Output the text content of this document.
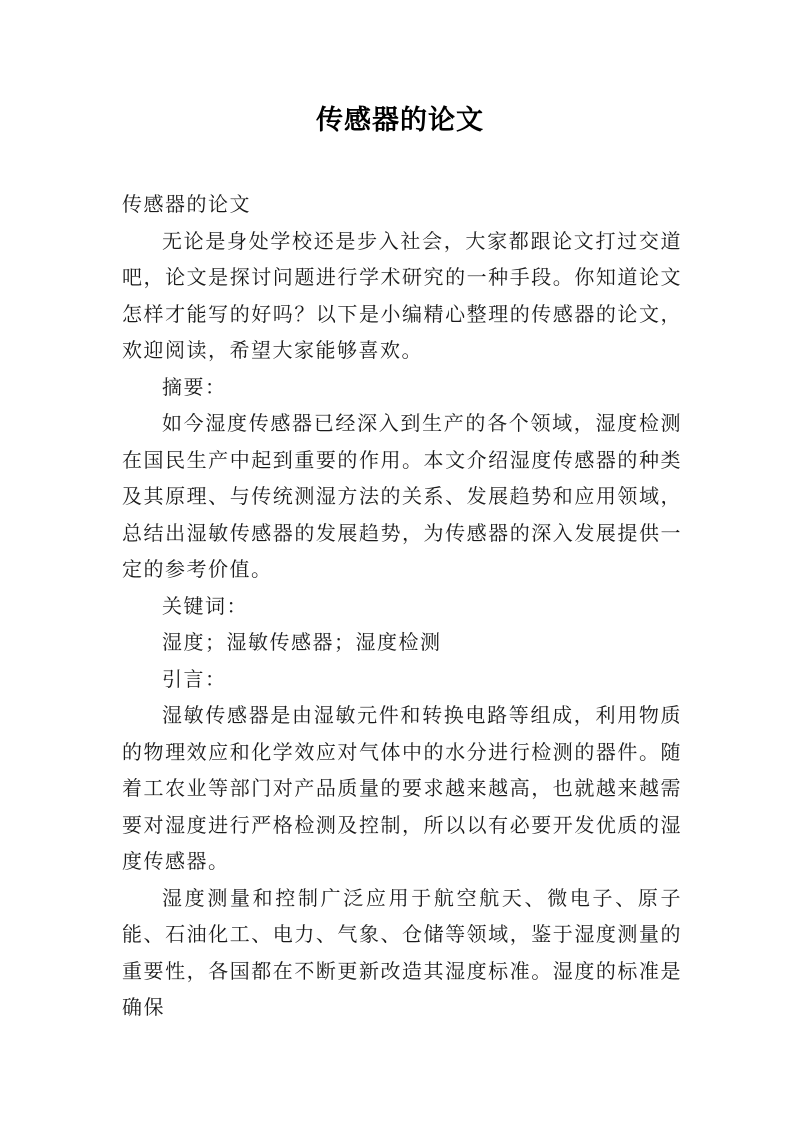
传感器的论文

传感器的论文

无论是身处学校还是步入社会，大家都跟论文打过交道吧，论文是探讨问题进行学术研究的一种手段。你知道论文怎样才能写的好吗？以下是小编精心整理的传感器的论文，欢迎阅读，希望大家能够喜欢。

摘要：

如今湿度传感器已经深入到生产的各个领域，湿度检测在国民生产中起到重要的作用。本文介绍湿度传感器的种类及其原理、与传统测湿方法的关系、发展趋势和应用领域，总结出湿敏传感器的发展趋势，为传感器的深入发展提供一定的参考价值。

关键词：

湿度；湿敏传感器；湿度检测

引言：

湿敏传感器是由湿敏元件和转换电路等组成，利用物质的物理效应和化学效应对气体中的水分进行检测的器件。随着工农业等部门对产品质量的要求越来越高，也就越来越需要对湿度进行严格检测及控制，所以以有必要开发优质的湿度传感器。

湿度测量和控制广泛应用于航空航天、微电子、原子能、石油化工、电力、气象、仓储等领域，鉴于湿度测量的重要性，各国都在不断更新改造其湿度标准。湿度的标准是确保
